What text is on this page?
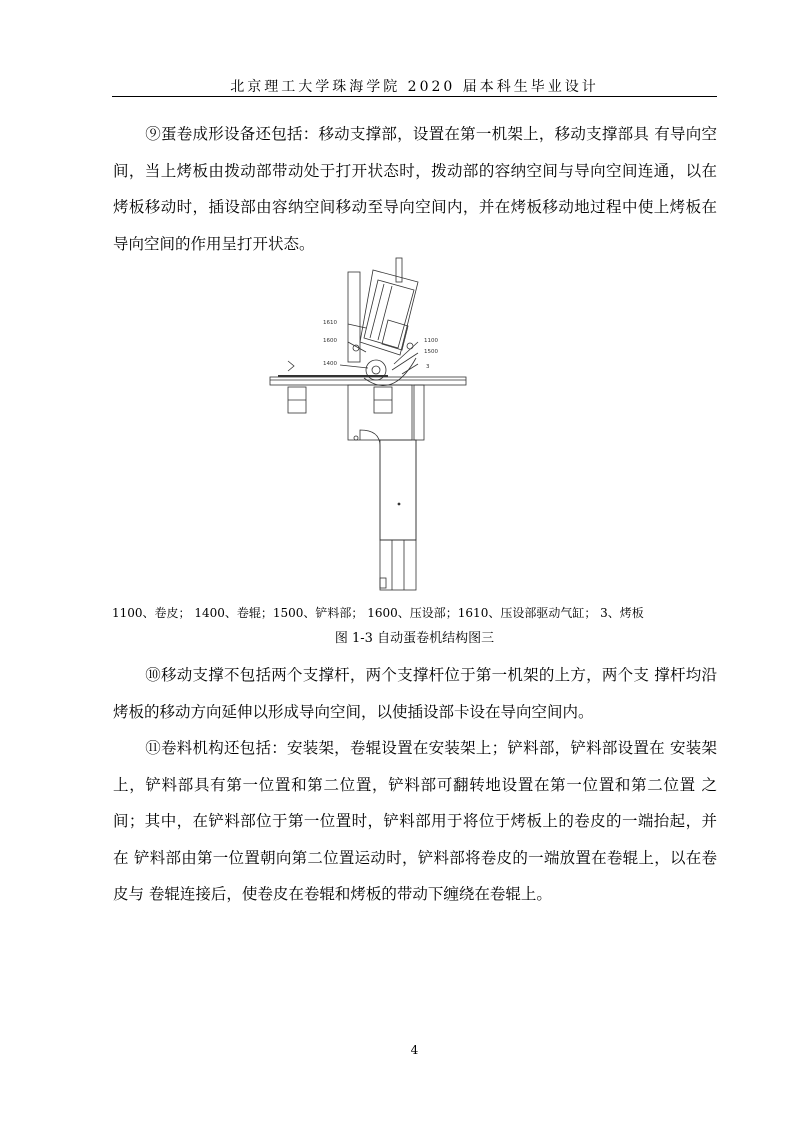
北京理工大学珠海学院 2020 届本科生毕业设计

⑨蛋卷成形设备还包括：移动支撑部，设置在第一机架上，移动支撑部具 有导向空间，当上烤板由拨动部带动处于打开状态时，拨动部的容纳空间与导向空间连通，以在烤板移动时，插设部由容纳空间移动至导向空间内，并在烤板移动地过程中使上烤板在导向空间的作用呈打开状态。

1610
1600
1400
1100
1500
3
1100、卷皮； 1400、卷辊；1500、铲料部； 1600、压设部；1610、压设部驱动气缸； 3、烤板
图 1-3 自动蛋卷机结构图三

⑩移动支撑不包括两个支撑杆，两个支撑杆位于第一机架的上方，两个支 撑杆均沿烤板的移动方向延伸以形成导向空间，以使插设部卡设在导向空间内。

⑪卷料机构还包括：安装架，卷辊设置在安装架上；铲料部，铲料部设置在 安装架上，铲料部具有第一位置和第二位置，铲料部可翻转地设置在第一位置和第二位置 之间；其中，在铲料部位于第一位置时，铲料部用于将位于烤板上的卷皮的一端抬起，并在 铲料部由第一位置朝向第二位置运动时，铲料部将卷皮的一端放置在卷辊上，以在卷皮与 卷辊连接后，使卷皮在卷辊和烤板的带动下缠绕在卷辊上。

4
